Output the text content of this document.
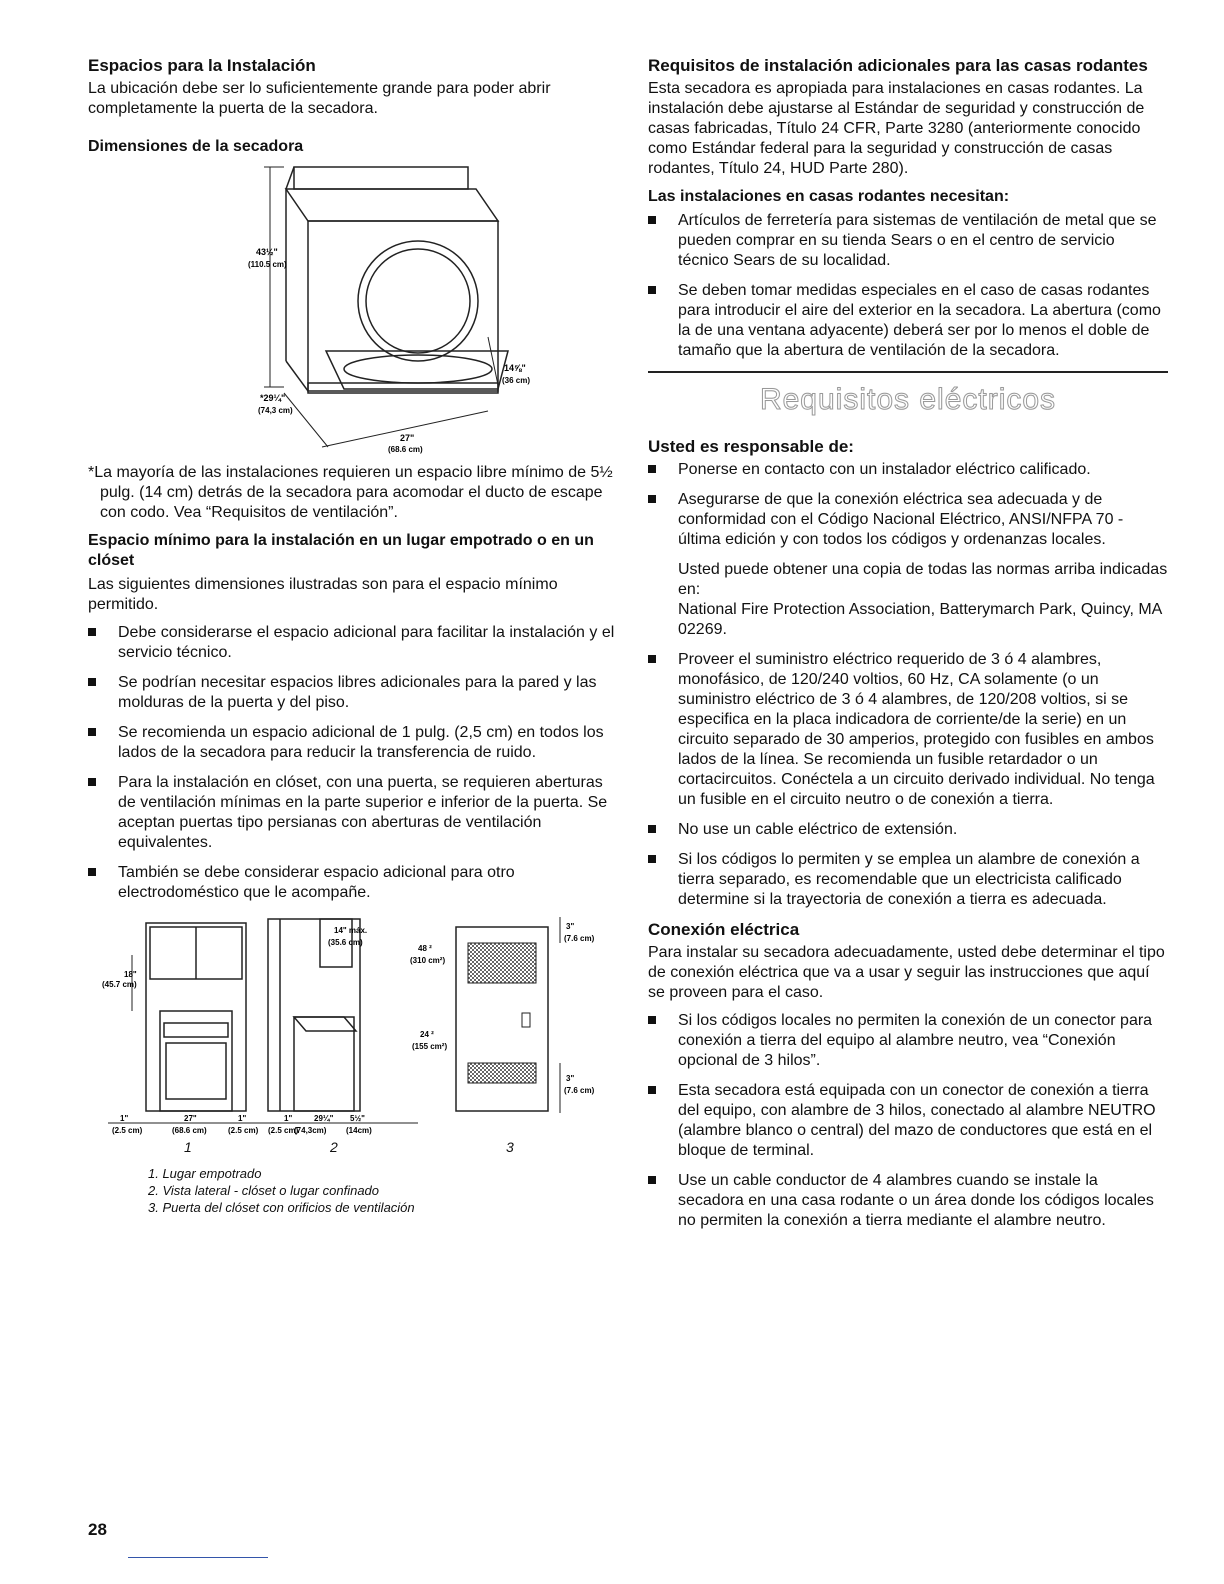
Espacios para la Instalación

La ubicación debe ser lo suficientemente grande para poder abrir completamente la puerta de la secadora.

Dimensiones de la secadora
43½"
(110.5 cm)
*29¼"
(74,3 cm)
27"
(68.6 cm)
14⅝"
(36 cm)

*La mayoría de las instalaciones requieren un espacio libre mínimo de 5½ pulg. (14 cm) detrás de la secadora para acomodar el ducto de escape con codo. Vea “Requisitos de ventilación”.

Espacio mínimo para la instalación en un lugar empotrado o en un clóset

Las siguientes dimensiones ilustradas son para el espacio mínimo permitido.

Debe considerarse el espacio adicional para facilitar la instalación y el servicio técnico.
Se podrían necesitar espacios libres adicionales para la pared y las molduras de la puerta y del piso.
Se recomienda un espacio adicional de 1 pulg. (2,5 cm) en todos los lados de la secadora para reducir la transferencia de ruido.
Para la instalación en clóset, con una puerta, se requieren aberturas de ventilación mínimas en la parte superior e inferior de la puerta. Se aceptan puertas tipo persianas con aberturas de ventilación equivalentes.
También se debe considerar espacio adicional para otro electrodoméstico que le acompañe.
18"
(45.7 cm)
1"
(2.5 cm)
27"
(68.6 cm)
1"
(2.5 cm)
1"
(2.5 cm)
29¼"
(74,3cm)
5½"
(14cm)
14" máx.
(35.6 cm)
48 ²
(310 cm²)
24 ²
(155 cm²)
3"
(7.6 cm)
3"
(7.6 cm)
1	2	3
1. Lugar empotrado
2. Vista lateral - clóset o lugar confinado
3. Puerta del clóset con orificios de ventilación
Requisitos de instalación adicionales para las casas rodantes

Esta secadora es apropiada para instalaciones en casas rodantes. La instalación debe ajustarse al Estándar de seguridad y construcción de casas fabricadas, Título 24 CFR, Parte 3280 (anteriormente conocido como Estándar federal para la seguridad y construcción de casas rodantes, Título 24, HUD Parte 280).

Las instalaciones en casas rodantes necesitan:
Artículos de ferretería para sistemas de ventilación de metal que se pueden comprar en su tienda Sears o en el centro de servicio técnico Sears de su localidad.
Se deben tomar medidas especiales en el caso de casas rodantes para introducir el aire del exterior en la secadora. La abertura (como la de una ventana adyacente) deberá ser por lo menos el doble de tamaño que la abertura de ventilación de la secadora.
Requisitos eléctricos
Usted es responsable de:
Ponerse en contacto con un instalador eléctrico calificado.
Asegurarse de que la conexión eléctrica sea adecuada y de conformidad con el Código Nacional Eléctrico, ANSI/NFPA 70 - última edición y con todos los códigos y ordenanzas locales.
Usted puede obtener una copia de todas las normas arriba indicadas en:
National Fire Protection Association, Batterymarch Park, Quincy, MA 02269.
Proveer el suministro eléctrico requerido de 3 ó 4 alambres, monofásico, de 120/240 voltios, 60 Hz, CA solamente (o un suministro eléctrico de 3 ó 4 alambres, de 120/208 voltios, si se especifica en la placa indicadora de corriente/de la serie) en un circuito separado de 30 amperios, protegido con fusibles en ambos lados de la línea. Se recomienda un fusible retardador o un cortacircuitos. Conéctela a un circuito derivado individual. No tenga un fusible en el circuito neutro o de conexión a tierra.
No use un cable eléctrico de extensión.
Si los códigos lo permiten y se emplea un alambre de conexión a tierra separado, es recomendable que un electricista calificado determine si la trayectoria de conexión a tierra es adecuada.
Conexión eléctrica

Para instalar su secadora adecuadamente, usted debe determinar el tipo de conexión eléctrica que va a usar y seguir las instrucciones que aquí se proveen para el caso.

Si los códigos locales no permiten la conexión de un conector para conexión a tierra del equipo al alambre neutro, vea “Conexión opcional de 3 hilos”.
Esta secadora está equipada con un conector de conexión a tierra del equipo, con alambre de 3 hilos, conectado al alambre NEUTRO (alambre blanco o central) del mazo de conductores que está en el bloque de terminal.
Use un cable conductor de 4 alambres cuando se instale la secadora en una casa rodante o un área donde los códigos locales no permiten la conexión a tierra mediante el alambre neutro.
28
